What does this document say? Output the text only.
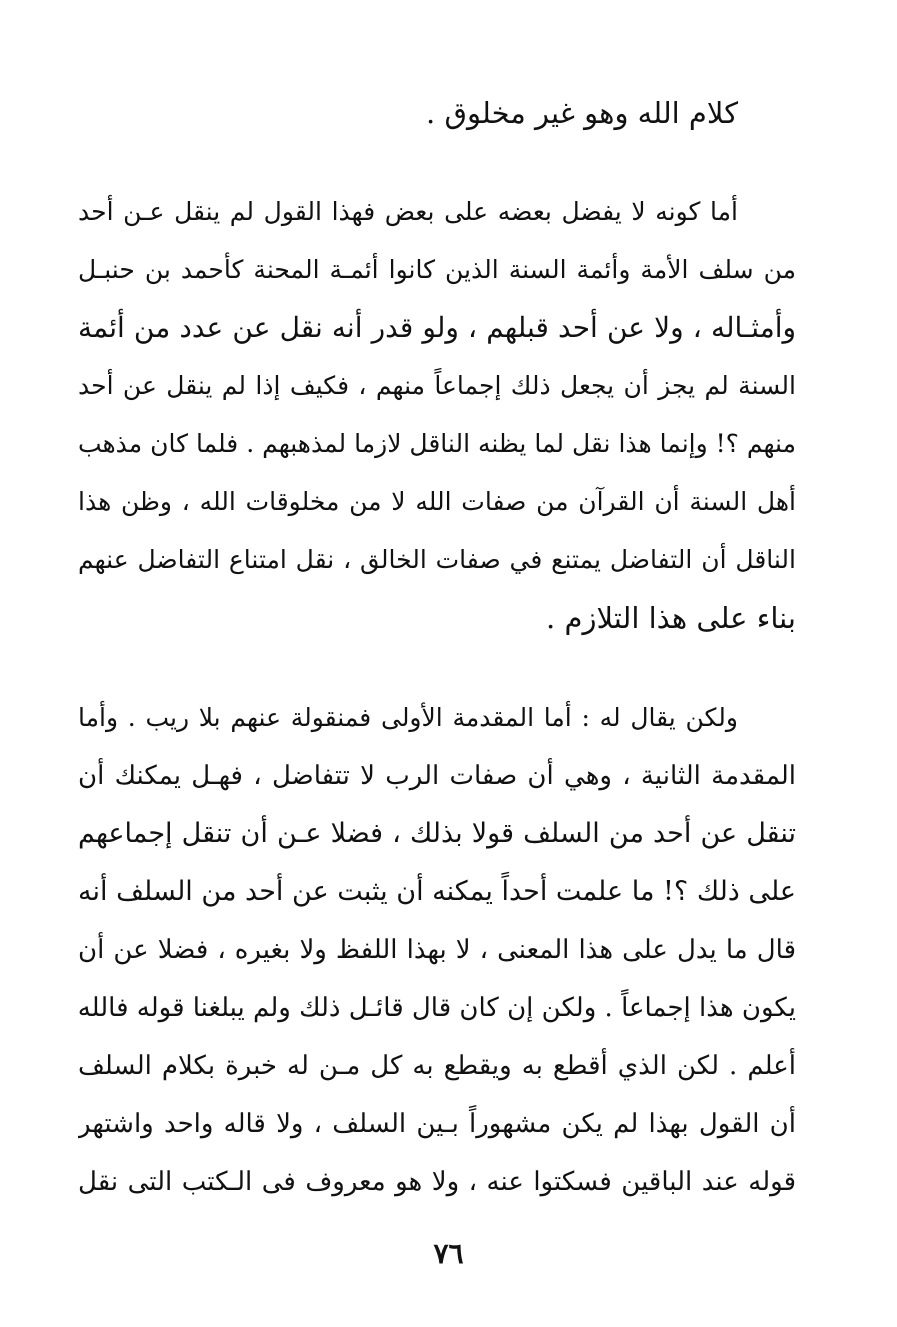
كلام الله وهو غير مخلوق .
أما كونه لا يفضل بعضه على بعض فهذا القول لم ينقل عـن أحد
من سلف الأمة وأئمة السنة الذين كانوا أئمـة المحنة كأحمد بن حنبـل
وأمثـاله ، ولا عن أحد قبلهم ، ولو قدر أنه نقل عن عدد من أئمة
السنة لم يجز أن يجعل ذلك إجماعاً منهم ، فكيف إذا لم ينقل عن أحد
منهم ؟! وإنما هذا نقل لما يظنه الناقل لازما لمذهبهم . فلما كان مذهب
أهل السنة أن القرآن من صفات الله لا من مخلوقات الله ، وظن هذا
الناقل أن التفاضل يمتنع في صفات الخالق ، نقل امتناع التفاضل عنهم
بناء على هذا التلازم .
ولكن يقال له : أما المقدمة الأولى فمنقولة عنهم بلا ريب . وأما
المقدمة الثانية ، وهي أن صفات الرب لا تتفاضل ، فهـل يمكنك أن
تنقل عن أحد من السلف قولا بذلك ، فضلا عـن أن تنقل إجماعهم
على ذلك ؟! ما علمت أحداً يمكنه أن يثبت عن أحد من السلف أنه
قال ما يدل على هذا المعنى ، لا بهذا اللفظ ولا بغيره ، فضلا عن أن
يكون هذا إجماعاً . ولكن إن كان قال قائـل ذلك ولم يبلغنا قوله فالله
أعلم . لكن الذي أقطع به ويقطع به كل مـن له خبرة بكلام السلف
أن القول بهذا لم يكن مشهوراً بـين السلف ، ولا قاله واحد واشتهر
قوله عند الباقين فسكتوا عنه ، ولا هو معروف فى الـكتب التى نقل
٧٦
